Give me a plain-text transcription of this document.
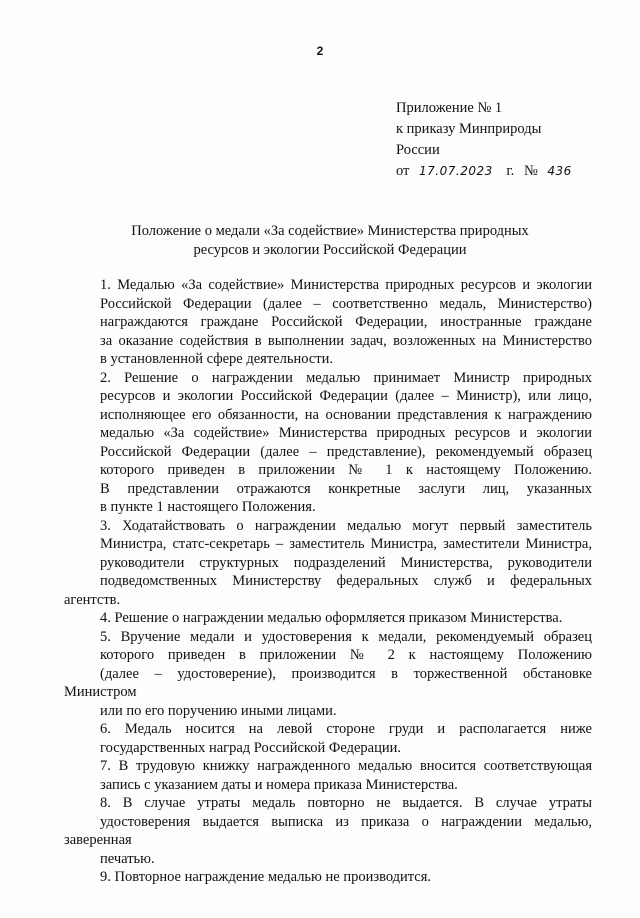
2
Приложение № 1
к приказу Минприроды
России
от 17.07.2023 г. № 436
Положение о медали «За содействие» Министерства природных
ресурсов и экологии Российской Федерации

1. Медалью «За содействие» Министерства природных ресурсов и экологии
Российской Федерации (далее – соответственно медаль, Министерство)
награждаются граждане Российской Федерации, иностранные граждане
за оказание содействия в выполнении задач, возложенных на Министерство
в установленной сфере деятельности.

2. Решение о награждении медалью принимает Министр природных
ресурсов и экологии Российской Федерации (далее – Министр), или лицо,
исполняющее его обязанности, на основании представления к награждению
медалью «За содействие» Министерства природных ресурсов и экологии
Российской Федерации (далее – представление), рекомендуемый образец
которого приведен в приложении № 1 к настоящему Положению.
В представлении отражаются конкретные заслуги лиц, указанных
в пункте 1 настоящего Положения.

3. Ходатайствовать о награждении медалью могут первый заместитель
Министра, статс-секретарь – заместитель Министра, заместители Министра,
руководители структурных подразделений Министерства, руководители
подведомственных Министерству федеральных служб и федеральных агентств.

4. Решение о награждении медалью оформляется приказом Министерства.

5. Вручение медали и удостоверения к медали, рекомендуемый образец
которого приведен в приложении № 2 к настоящему Положению
(далее – удостоверение), производится в торжественной обстановке Министром
или по его поручению иными лицами.

6. Медаль носится на левой стороне груди и располагается ниже
государственных наград Российской Федерации.

7. В трудовую книжку награжденного медалью вносится соответствующая
запись с указанием даты и номера приказа Министерства.

8. В случае утраты медаль повторно не выдается. В случае утраты
удостоверения выдается выписка из приказа о награждении медалью, заверенная
печатью.

9. Повторное награждение медалью не производится.
